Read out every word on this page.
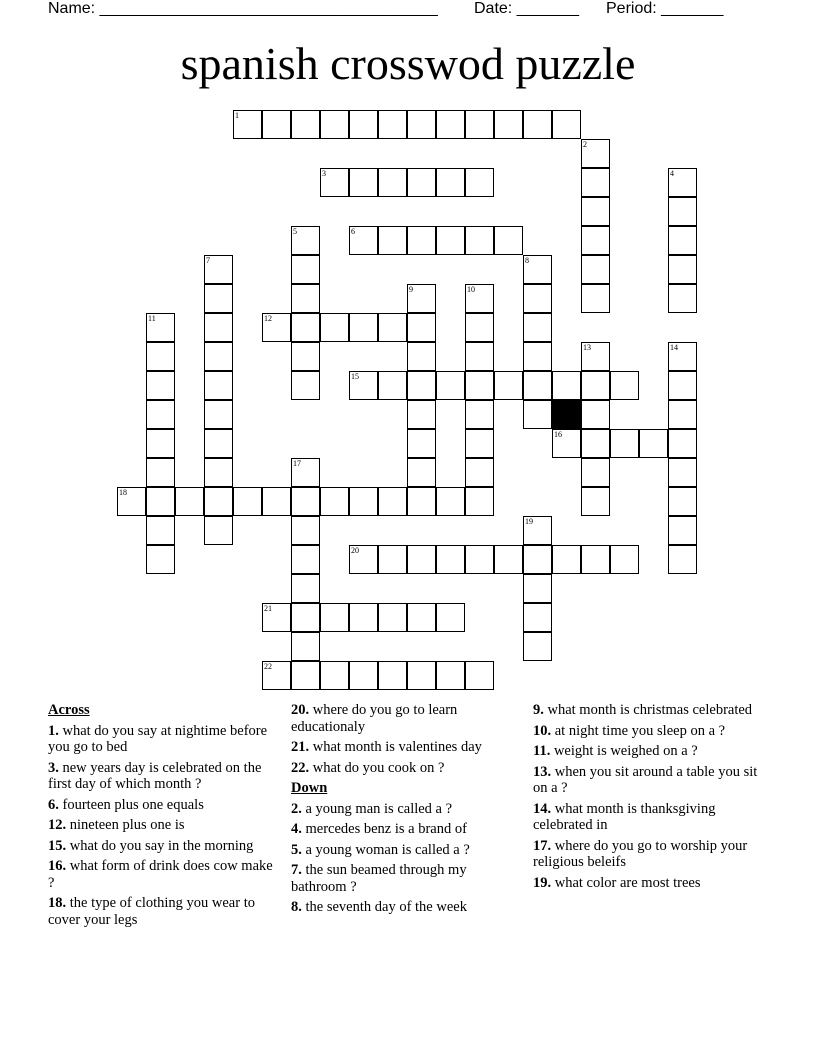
Name: ______________________________________ Date: _______ Period: _______
spanish crosswod puzzle
1
3
6
12
15
16
18
20
21
22
2
4
5
7	8
9	10
11
13	14
17
19
Across
1. what do you say at nightime before you go to bed
3. new years day is celebrated on the first day of which month ?
6. fourteen plus one equals
12. nineteen plus one is
15. what do you say in the morning
16. what form of drink does cow make ?
18. the type of clothing you wear to cover your legs
20. where do you go to learn educationaly
21. what month is valentines day
22. what do you cook on ?
Down
2. a young man is called a ?
4. mercedes benz is a brand of
5. a young woman is called a ?
7. the sun beamed through my bathroom ?
8. the seventh day of the week
9. what month is christmas celebrated
10. at night time you sleep on a ?
11. weight is weighed on a ?
13. when you sit around a table you sit on a ?
14. what month is thanksgiving celebrated in
17. where do you go to worship your religious beleifs
19. what color are most trees
